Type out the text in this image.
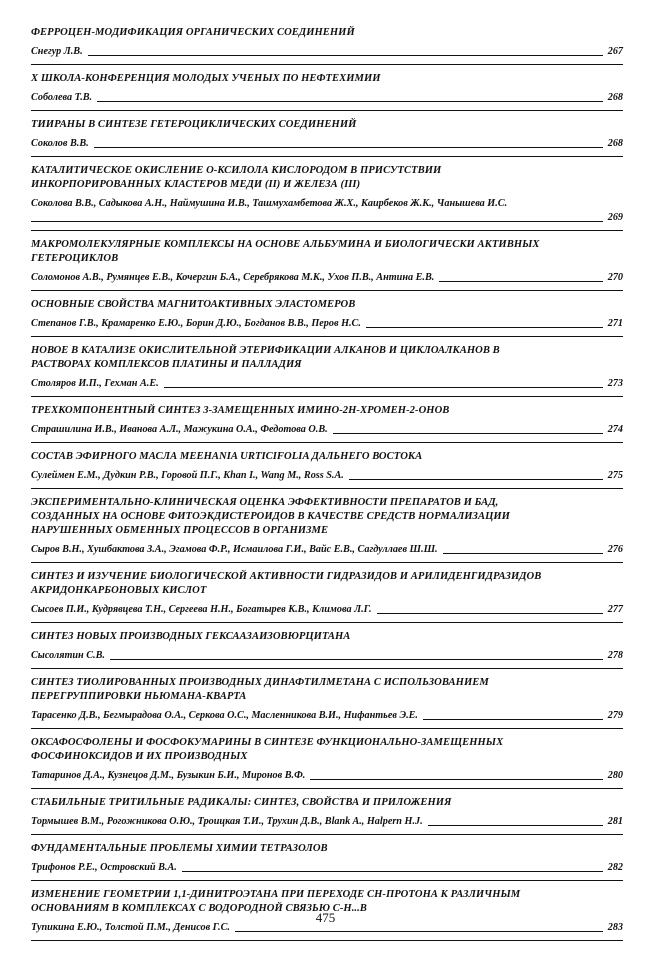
ФЕРРОЦЕН-МОДИФИКАЦИЯ ОРГАНИЧЕСКИХ СОЕДИНЕНИЙ
Снегур Л.В.	267
Х ШКОЛА-КОНФЕРЕНЦИЯ МОЛОДЫХ УЧЕНЫХ ПО НЕФТЕХИМИИ
Соболева Т.В.	268
ТИИРАНЫ В СИНТЕЗЕ ГЕТЕРОЦИКЛИЧЕСКИХ СОЕДИНЕНИЙ
Соколов В.В.	268
КАТАЛИТИЧЕСКОЕ ОКИСЛЕНИЕ О-КСИЛОЛА КИСЛОРОДОМ В ПРИСУТСТВИИ
ИНКОРПОРИРОВАННЫХ КЛАСТЕРОВ МЕДИ (II) И ЖЕЛЕЗА (III)
Соколова В.В., Садыкова А.Н., Наймушина И.В., Ташмухамбетова Ж.Х., Каирбеков Ж.К., Чанышева И.С.
269
МАКРОМОЛЕКУЛЯРНЫЕ КОМПЛЕКСЫ НА ОСНОВЕ АЛЬБУМИНА И БИОЛОГИЧЕСКИ АКТИВНЫХ
ГЕТЕРОЦИКЛОВ
Соломонов А.В., Румянцев Е.В., Кочергин Б.А., Серебрякова М.К., Ухов П.В., Антина Е.В.	270
ОСНОВНЫЕ СВОЙСТВА МАГНИТОАКТИВНЫХ ЭЛАСТОМЕРОВ
Степанов Г.В., Крамаренко Е.Ю., Борин Д.Ю., Богданов В.В., Перов Н.С.	271
НОВОЕ В КАТАЛИЗЕ ОКИСЛИТЕЛЬНОЙ ЭТЕРИФИКАЦИИ АЛКАНОВ И ЦИКЛОАЛКАНОВ В
РАСТВОРАХ КОМПЛЕКСОВ ПЛАТИНЫ И ПАЛЛАДИЯ
Столяров И.П., Гехман А.Е.	273
ТРЕХКОМПОНЕНТНЫЙ СИНТЕЗ 3-ЗАМЕЩЕННЫХ ИМИНО-2Н-ХРОМЕН-2-ОНОВ
Страшилина И.В., Иванова А.Л., Мажукина О.А., Федотова О.В.	274
СОСТАВ ЭФИРНОГО МАСЛА MEEHANIA URTICIFOLIA ДАЛЬНЕГО ВОСТОКА
Сулеймен Е.М., Дудкин Р.В., Горовой П.Г., Khan I., Wang M., Ross S.A.	275
ЭКСПЕРИМЕНТАЛЬНО-КЛИНИЧЕСКАЯ ОЦЕНКА ЭФФЕКТИВНОСТИ ПРЕПАРАТОВ И БАД,
СОЗДАННЫХ НА ОСНОВЕ ФИТОЭКДИСТЕРОИДОВ В КАЧЕСТВЕ СРЕДСТВ НОРМАЛИЗАЦИИ
НАРУШЕННЫХ ОБМЕННЫХ ПРОЦЕССОВ В ОРГАНИЗМЕ
Сыров В.Н., Хушбактова З.А., Эгамова Ф.Р., Исмаилова Г.И., Вайс Е.В., Сагдуллаев Ш.Ш.	276
СИНТЕЗ И ИЗУЧЕНИЕ БИОЛОГИЧЕСКОЙ АКТИВНОСТИ ГИДРАЗИДОВ И АРИЛИДЕНГИДРАЗИДОВ
АКРИДОНКАРБОНОВЫХ КИСЛОТ
Сысоев П.И., Кудрявцева Т.Н., Сергеева Н.Н., Богатырев К.В., Климова Л.Г.	277
СИНТЕЗ НОВЫХ ПРОИЗВОДНЫХ ГЕКСААЗАИЗОВЮРЦИТАНА
Сысолятин С.В.	278
СИНТЕЗ ТИОЛИРОВАННЫХ ПРОИЗВОДНЫХ ДИНАФТИЛМЕТАНА С ИСПОЛЬЗОВАНИЕМ
ПЕРЕГРУППИРОВКИ НЬЮМАНА-КВАРТА
Тарасенко Д.В., Бегмырадова О.А., Серкова О.С., Масленникова В.И., Нифантьев Э.Е.	279
ОКСАФОСФОЛЕНЫ И ФОСФОКУМАРИНЫ В СИНТЕЗЕ ФУНКЦИОНАЛЬНО-ЗАМЕЩЕННЫХ
ФОСФИНОКСИДОВ И ИХ ПРОИЗВОДНЫХ
Татаринов Д.А., Кузнецов Д.М., Бузыкин Б.И., Миронов В.Ф.	280
СТАБИЛЬНЫЕ ТРИТИЛЬНЫЕ РАДИКАЛЫ: СИНТЕЗ, СВОЙСТВА И ПРИЛОЖЕНИЯ
Тормышев В.М., Рогожникова О.Ю., Троицкая Т.И., Трухин Д.В., Blank A., Halpern H.J.	281
ФУНДАМЕНТАЛЬНЫЕ ПРОБЛЕМЫ ХИМИИ ТЕТРАЗОЛОВ
Трифонов Р.Е., Островский В.А.	282
ИЗМЕНЕНИЕ ГЕОМЕТРИИ 1,1-ДИНИТРОЭТАНА ПРИ ПЕРЕХОДЕ СН-ПРОТОНА К РАЗЛИЧНЫМ
ОСНОВАНИЯМ В КОМПЛЕКСАХ С ВОДОРОДНОЙ СВЯЗЬЮ С-Н...В
Тупикина Е.Ю., Толстой П.М., Денисов Г.С.	283
475
